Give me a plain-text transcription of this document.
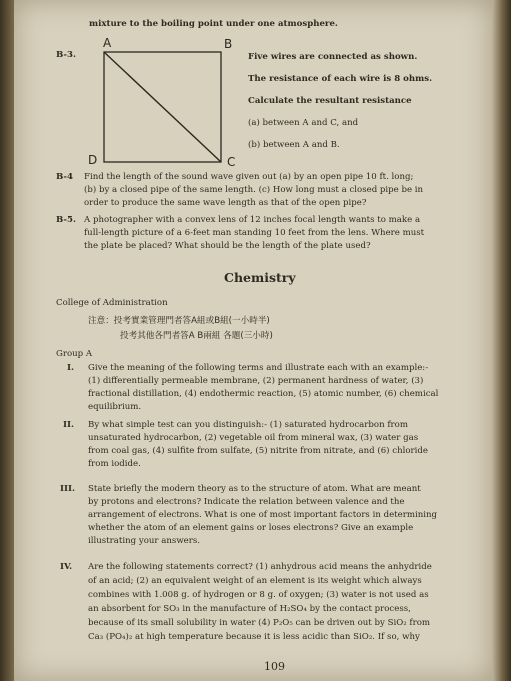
mixture to the boiling point under one atmosphere.
B-3.
A	B
C
D
Five wires are connected as shown.
The resistance of each wire is 8 ohms.
Calculate the resultant resistance
(a) between A and C, and
(b) between A and B.
B-4 Find the length of the sound wave given out (a) by an open pipe 10 ft. long;
(b) by a closed pipe of the same length. (c) How long must a closed pipe be in
order to produce the same wave length as that of the open pipe?
B-5. A photographer with a convex lens of 12 inches focal length wants to make a
full-length picture of a 6-feet man standing 10 feet from the lens. Where must
the plate be placed? What should be the length of the plate used?
Chemistry
College of Administration
注意：投考實業管理門者答A組或B組(一小時半)
投考其他各門者答A B兩組 各題(三小時)
Group A
I. Give the meaning of the following terms and illustrate each with an example:-
(1) differentially permeable membrane, (2) permanent hardness of water, (3)
fractional distillation, (4) endothermic reaction, (5) atomic number, (6) chemical
equilibrium.
II. By what simple test can you distinguish:- (1) saturated hydrocarbon from
unsaturated hydrocarbon, (2) vegetable oil from mineral wax, (3) water gas
from coal gas, (4) sulfite from sulfate, (5) nitrite from nitrate, and (6) chloride
from iodide.
III. State briefly the modern theory as to the structure of atom. What are meant
by protons and electrons? Indicate the relation between valence and the
arrangement of electrons. What is one of most important factors in determining
whether the atom of an element gains or loses electrons? Give an example
illustrating your answers.
IV. Are the following statements correct? (1) anhydrous acid means the anhydride
of an acid; (2) an equivalent weight of an element is its weight which always
combines with 1.008 g. of hydrogen or 8 g. of oxygen; (3) water is not used as
an absorbent for SO₃ in the manufacture of H₂SO₄ by the contact process,
because of its small solubility in water (4) P₂O₅ can be driven out by SiO₂ from
Ca₃ (PO₄)₂ at high temperature because it is less acidic than SiO₂. If so, why
109
